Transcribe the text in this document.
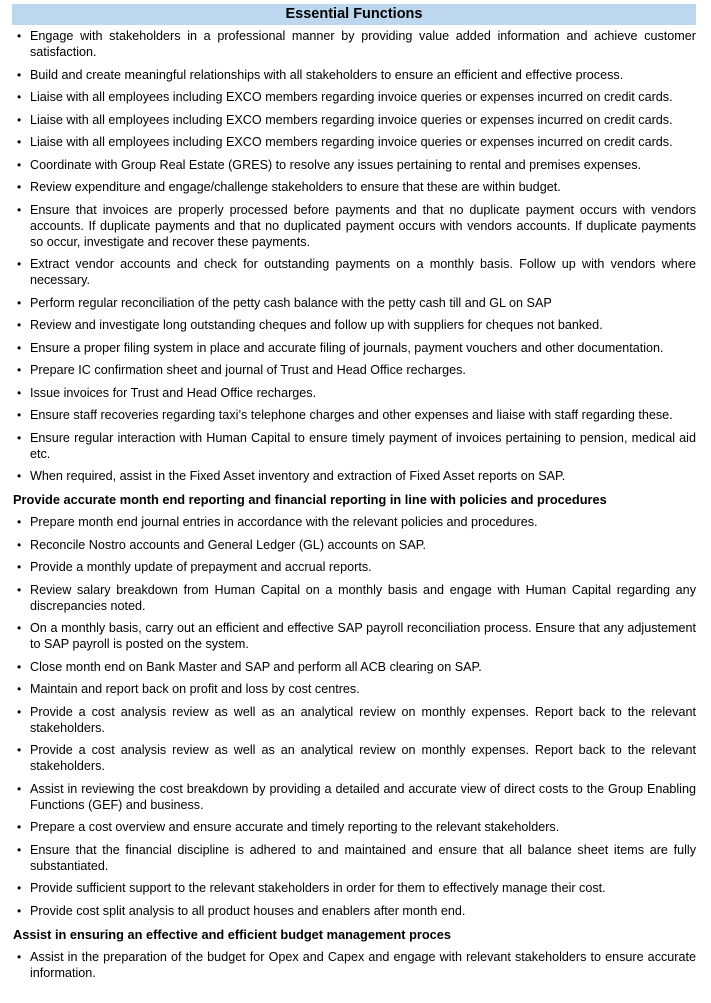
Essential Functions
• Engage with stakeholders in a professional manner by providing value added information and achieve customer satisfaction.
• Build and create meaningful relationships with all stakeholders to ensure an efficient and effective process.
• Liaise with all employees including EXCO members regarding invoice queries or expenses incurred on credit cards.
• Liaise with all employees including EXCO members regarding invoice queries or expenses incurred on credit cards.
• Liaise with all employees including EXCO members regarding invoice queries or expenses incurred on credit cards.
• Coordinate with Group Real Estate (GRES) to resolve any issues pertaining to rental and premises expenses.
• Review expenditure and engage/challenge stakeholders to ensure that these are within budget.
• Ensure that invoices are properly processed before payments and that no duplicate payment occurs with vendors accounts. If duplicate payments and that no duplicated payment occurs with vendors accounts. If duplicate payments so occur, investigate and recover these payments.
• Extract vendor accounts and check for outstanding payments on a monthly basis. Follow up with vendors where necessary.
• Perform regular reconciliation of the petty cash balance with the petty cash till and GL on SAP
• Review and investigate long outstanding cheques and follow up with suppliers for cheques not banked.
• Ensure a proper filing system in place and accurate filing of journals, payment vouchers and other documentation.
• Prepare IC confirmation sheet and journal of Trust and Head Office recharges.
• Issue invoices for Trust and Head Office recharges.
• Ensure staff recoveries regarding taxi’s telephone charges and other expenses and liaise with staff regarding these.
• Ensure regular interaction with Human Capital to ensure timely payment of invoices pertaining to pension, medical aid etc.
• When required, assist in the Fixed Asset inventory and extraction of Fixed Asset reports on SAP.
Provide accurate month end reporting and financial reporting in line with policies and procedures
• Prepare month end journal entries in accordance with the relevant policies and procedures.
• Reconcile Nostro accounts and General Ledger (GL) accounts on SAP.
• Provide a monthly update of prepayment and accrual reports.
• Review salary breakdown from Human Capital on a monthly basis and engage with Human Capital regarding any discrepancies noted.
• On a monthly basis, carry out an efficient and effective SAP payroll reconciliation process. Ensure that any adjustement to SAP payroll is posted on the system.
• Close month end on Bank Master and SAP and perform all ACB clearing on SAP.
• Maintain and report back on profit and loss by cost centres.
• Provide a cost analysis review as well as an analytical review on monthly expenses. Report back to the relevant stakeholders.
• Provide a cost analysis review as well as an analytical review on monthly expenses. Report back to the relevant stakeholders.
• Assist in reviewing the cost breakdown by providing a detailed and accurate view of direct costs to the Group Enabling Functions (GEF) and business.
• Prepare a cost overview and ensure accurate and timely reporting to the relevant stakeholders.
• Ensure that the financial discipline is adhered to and maintained and ensure that all balance sheet items are fully substantiated.
• Provide sufficient support to the relevant stakeholders in order for them to effectively manage their cost.
• Provide cost split analysis to all product houses and enablers after month end.
Assist in ensuring an effective and efficient budget management proces
• Assist in the preparation of the budget for Opex and Capex and engage with relevant stakeholders to ensure accurate information.
